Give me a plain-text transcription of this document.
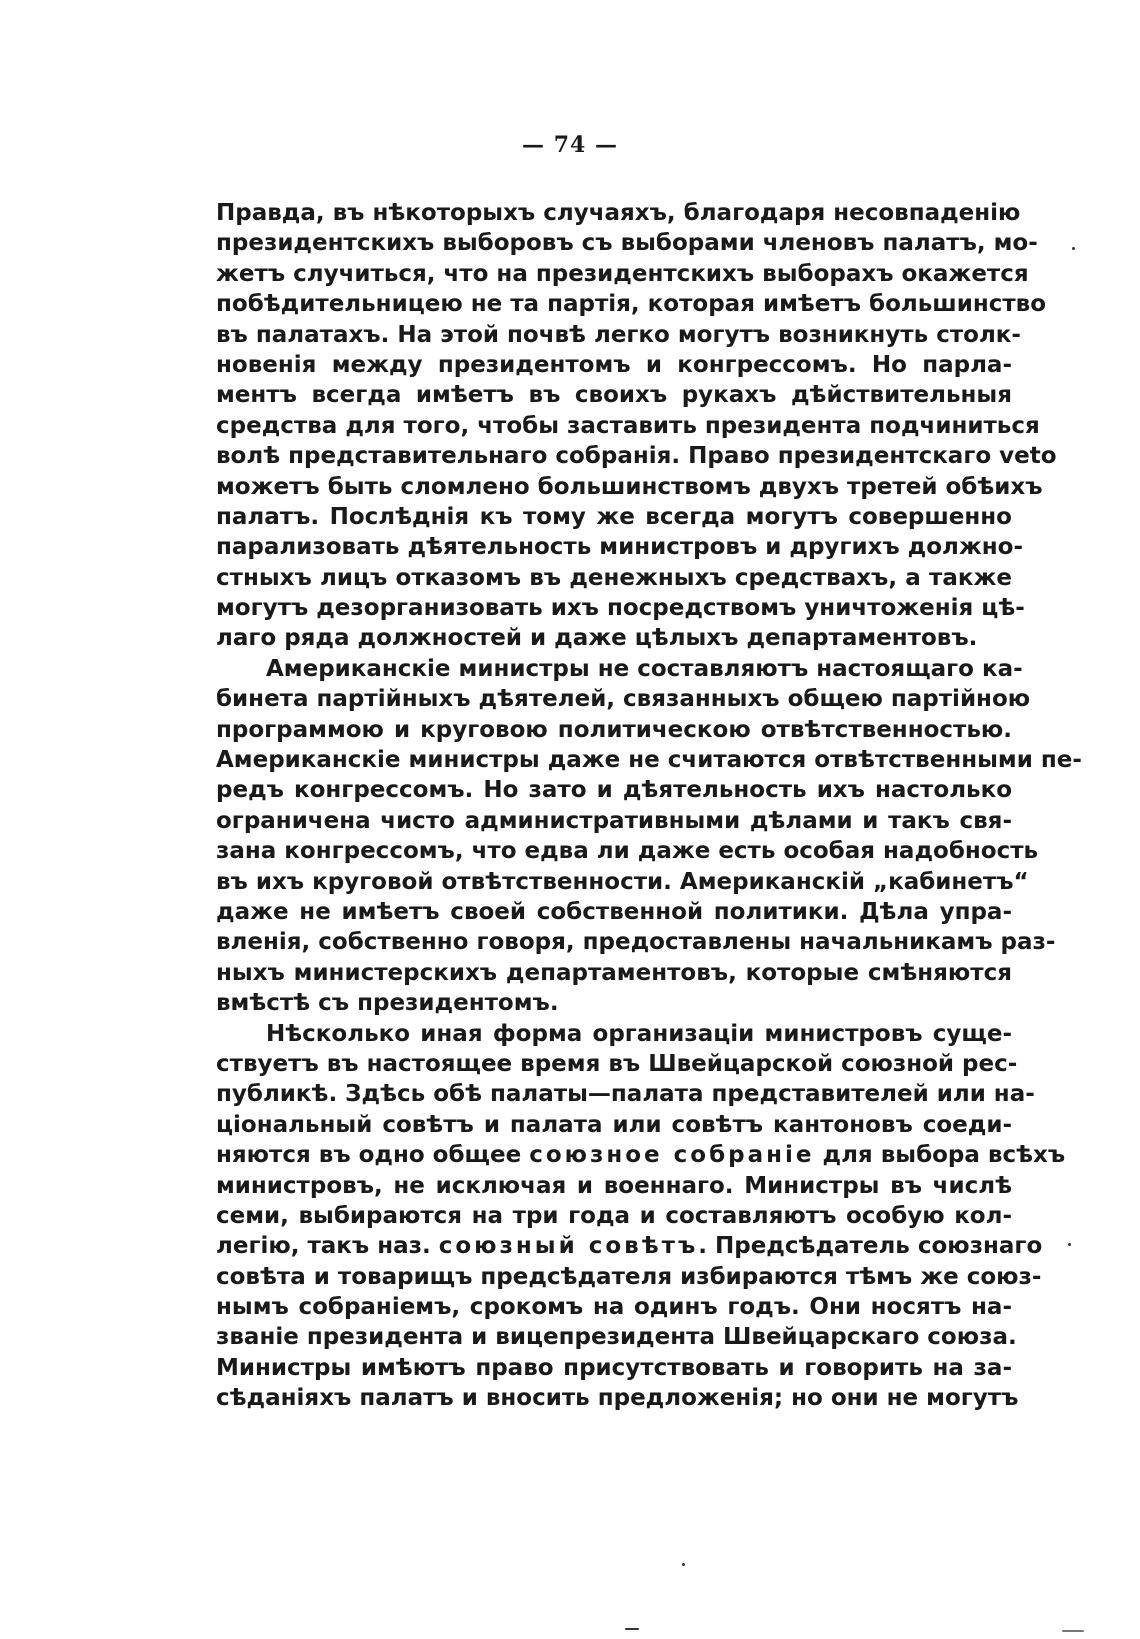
— 74 —
Правда, въ нѣкоторыхъ случаяхъ, благодаря несовпаденію
президентскихъ выборовъ съ выборами членовъ палатъ, мо-
жетъ случиться, что на президентскихъ выборахъ окажется
побѣдительницею не та партія, которая имѣетъ большинство
въ палатахъ. На этой почвѣ легко могутъ возникнуть столк-
новенія между президентомъ и конгрессомъ. Но парла-
ментъ всегда имѣетъ въ своихъ рукахъ дѣйствительныя
средства для того, чтобы заставить президента подчиниться
волѣ представительнаго собранія. Право президентскаго veto
можетъ быть сломлено большинствомъ двухъ третей обѣихъ
палатъ. Послѣднія къ тому же всегда могутъ совершенно
парализовать дѣятельность министровъ и другихъ должно-
стныхъ лицъ отказомъ въ денежныхъ средствахъ, а также
могутъ дезорганизовать ихъ посредствомъ уничтоженія цѣ-
лаго ряда должностей и даже цѣлыхъ департаментовъ.
Американскіе министры не составляютъ настоящаго ка-
бинета партійныхъ дѣятелей, связанныхъ общею партійною
программою и круговою политическою отвѣтственностью.
Американскіе министры даже не считаются отвѣтственными пе-
редъ конгрессомъ. Но зато и дѣятельность ихъ настолько
ограничена чисто административными дѣлами и такъ свя-
зана конгрессомъ, что едва ли даже есть особая надобность
въ ихъ круговой отвѣтственности. Американскій „кабинетъ“
даже не имѣетъ своей собственной политики. Дѣла упра-
вленія, собственно говоря, предоставлены начальникамъ раз-
ныхъ министерскихъ департаментовъ, которые смѣняются
вмѣстѣ съ президентомъ.
Нѣсколько иная форма организаціи министровъ суще-
ствуетъ въ настоящее время въ Швейцарской союзной рес-
публикѣ. Здѣсь обѣ палаты—палата представителей или на-
ціональный совѣтъ и палата или совѣтъ кантоновъ соеди-
няются въ одно общее союзное собраніе для выбора всѣхъ
министровъ, не исключая и военнаго. Министры въ числѣ
семи, выбираются на три года и составляютъ особую кол-
легію, такъ наз. союзный совѣтъ. Предсѣдатель союзнаго
совѣта и товарищъ предсѣдателя избираются тѣмъ же союз-
нымъ собраніемъ, срокомъ на одинъ годъ. Они носятъ на-
званіе президента и вицепрезидента Швейцарскаго союза.
Министры имѣютъ право присутствовать и говорить на за-
сѣданіяхъ палатъ и вносить предложенія; но они не могутъ
